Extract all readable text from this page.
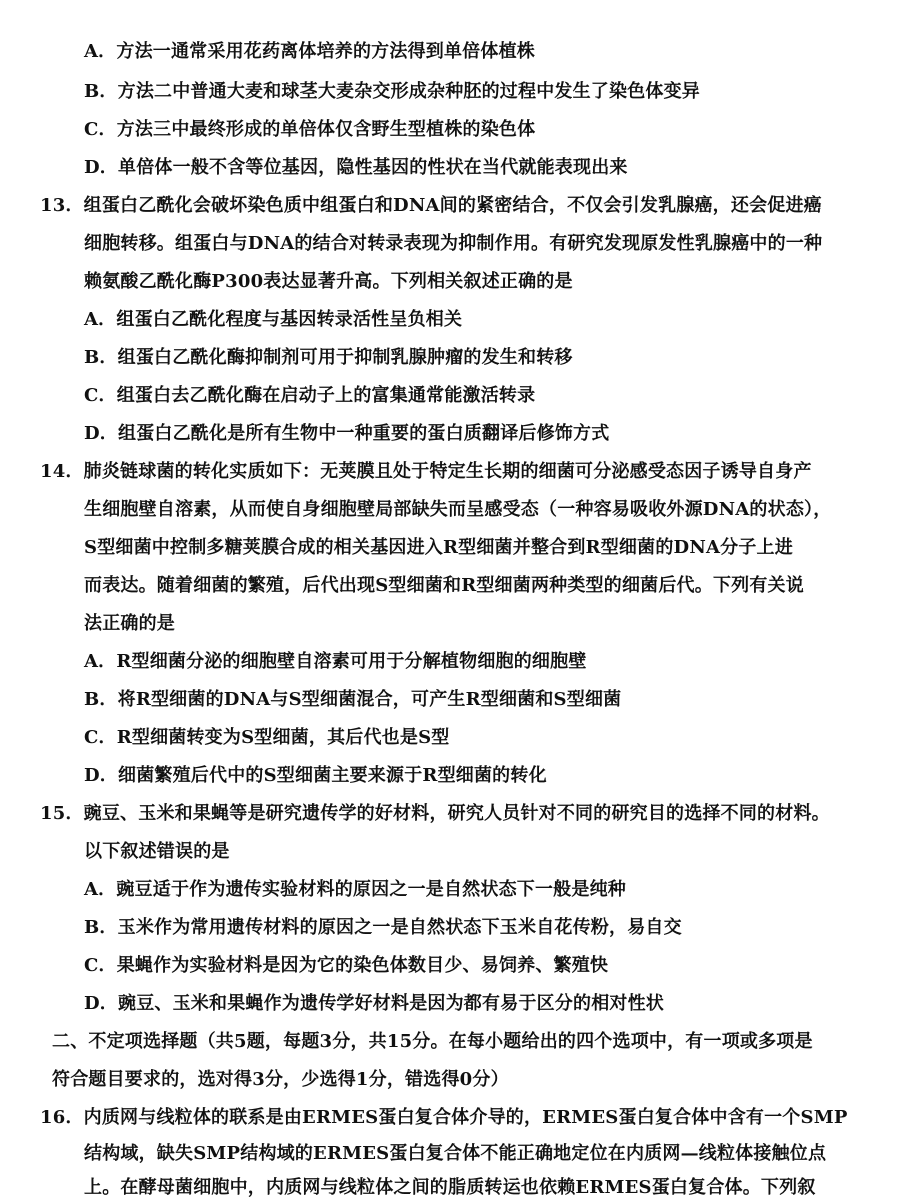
A．方法一通常采用花药离体培养的方法得到单倍体植株
B．方法二中普通大麦和球茎大麦杂交形成杂种胚的过程中发生了染色体变异
C．方法三中最终形成的单倍体仅含野生型植株的染色体
D．单倍体一般不含等位基因，隐性基因的性状在当代就能表现出来
13．组蛋白乙酰化会破坏染色质中组蛋白和DNA间的紧密结合，不仅会引发乳腺癌，还会促进癌
细胞转移。组蛋白与DNA的结合对转录表现为抑制作用。有研究发现原发性乳腺癌中的一种
赖氨酸乙酰化酶P300表达显著升高。下列相关叙述正确的是
A．组蛋白乙酰化程度与基因转录活性呈负相关
B．组蛋白乙酰化酶抑制剂可用于抑制乳腺肿瘤的发生和转移
C．组蛋白去乙酰化酶在启动子上的富集通常能激活转录
D．组蛋白乙酰化是所有生物中一种重要的蛋白质翻译后修饰方式
14．肺炎链球菌的转化实质如下：无荚膜且处于特定生长期的细菌可分泌感受态因子诱导自身产
生细胞壁自溶素，从而使自身细胞壁局部缺失而呈感受态（一种容易吸收外源DNA的状态），
S型细菌中控制多糖荚膜合成的相关基因进入R型细菌并整合到R型细菌的DNA分子上进
而表达。随着细菌的繁殖，后代出现S型细菌和R型细菌两种类型的细菌后代。下列有关说
法正确的是
A．R型细菌分泌的细胞壁自溶素可用于分解植物细胞的细胞壁
B．将R型细菌的DNA与S型细菌混合，可产生R型细菌和S型细菌
C．R型细菌转变为S型细菌，其后代也是S型
D．细菌繁殖后代中的S型细菌主要来源于R型细菌的转化
15．豌豆、玉米和果蝇等是研究遗传学的好材料，研究人员针对不同的研究目的选择不同的材料。
以下叙述错误的是
A．豌豆适于作为遗传实验材料的原因之一是自然状态下一般是纯种
B．玉米作为常用遗传材料的原因之一是自然状态下玉米自花传粉，易自交
C．果蝇作为实验材料是因为它的染色体数目少、易饲养、繁殖快
D．豌豆、玉米和果蝇作为遗传学好材料是因为都有易于区分的相对性状
二、不定项选择题（共5题，每题3分，共15分。在每小题给出的四个选项中，有一项或多项是
符合题目要求的，选对得3分，少选得1分，错选得0分）
16．内质网与线粒体的联系是由ERMES蛋白复合体介导的，ERMES蛋白复合体中含有一个SMP
结构域，缺失SMP结构域的ERMES蛋白复合体不能正确地定位在内质网—线粒体接触位点
上。在酵母菌细胞中，内质网与线粒体之间的脂质转运也依赖ERMES蛋白复合体。下列叙
